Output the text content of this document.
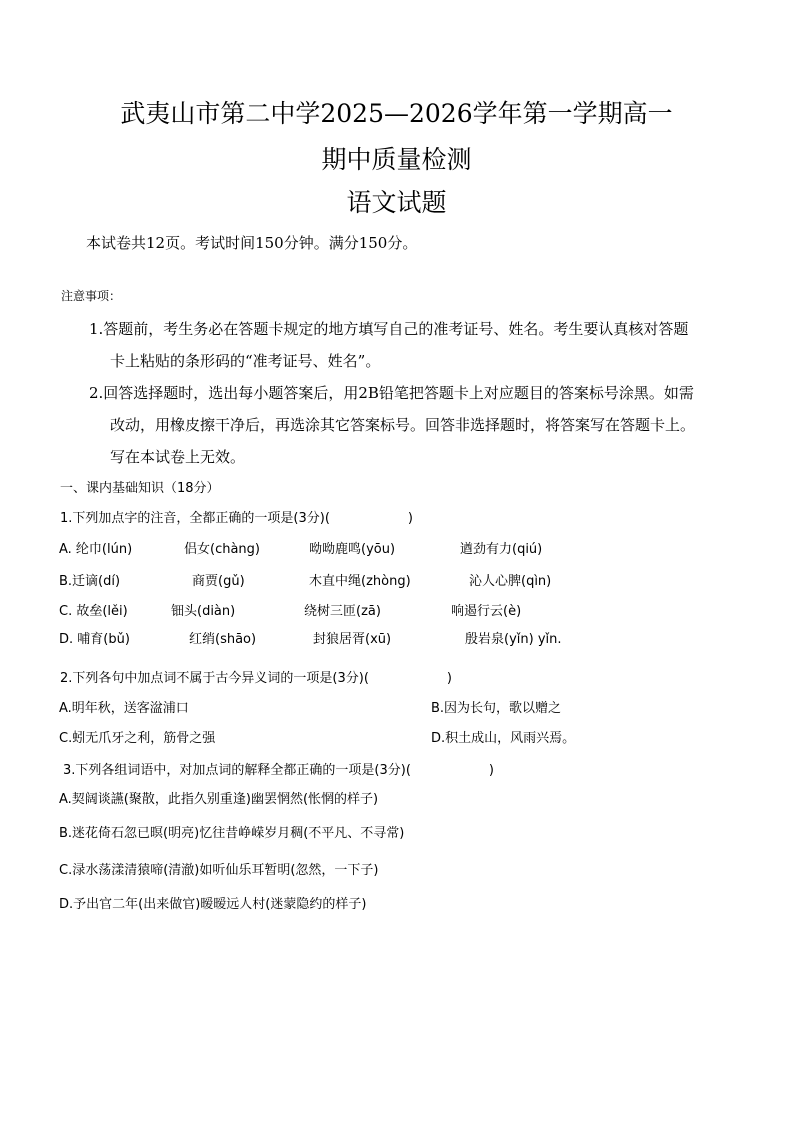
武夷山市第二中学2025—2026学年第一学期高一

期中质量检测

语文试题

本试卷共12页。考试时间150分钟。满分150分。

注意事项：

1.答题前，考生务必在答题卡规定的地方填写自己的准考证号、姓名。考生要认真核对答题

卡上粘贴的条形码的“准考证号、姓名”。

2.回答选择题时，选出每小题答案后，用2B铅笔把答题卡上对应题目的答案标号涂黑。如需

改动，用橡皮擦干净后，再选涂其它答案标号。回答非选择题时，将答案写在答题卡上。

写在本试卷上无效。

一、课内基础知识（18分）

1.下列加点字的注音，全都正确的一项是(3分)(　　　　　　)

A. 纶巾(lún)	侣女(chàng)	呦呦鹿鸣(yōu)	遒劲有力(qiú)
B.迁谪(dí)	商贾(gǔ)	木直中绳(zhòng)	沁人心脾(qìn)
C. 故垒(lěi)	钿头(diàn)	绕树三匝(zā)	响遏行云(è)
D. 哺育(bǔ)	红绡(shāo)	封狼居胥(xū)	殷岩泉(yǐn) yǐn.

2.下列各句中加点词不属于古今异义词的一项是(3分)(　　　　　　)

A.明年秋，送客湓浦口	B.因为长句，歌以赠之

C.蚓无爪牙之利，筋骨之强	D.积土成山，风雨兴焉。

3.下列各组词语中，对加点词的解释全都正确的一项是(3分)(　　　　　　)

A.契阔谈讌(聚散，此指久别重逢)幽罢惘然(怅惘的样子)

B.迷花倚石忽已暝(明亮)忆往昔峥嵘岁月稠(不平凡、不寻常)

C.渌水荡漾清猿啼(清澈)如听仙乐耳暂明(忽然，一下子)

D.予出官二年(出来做官)暧暧远人村(迷蒙隐约的样子)
